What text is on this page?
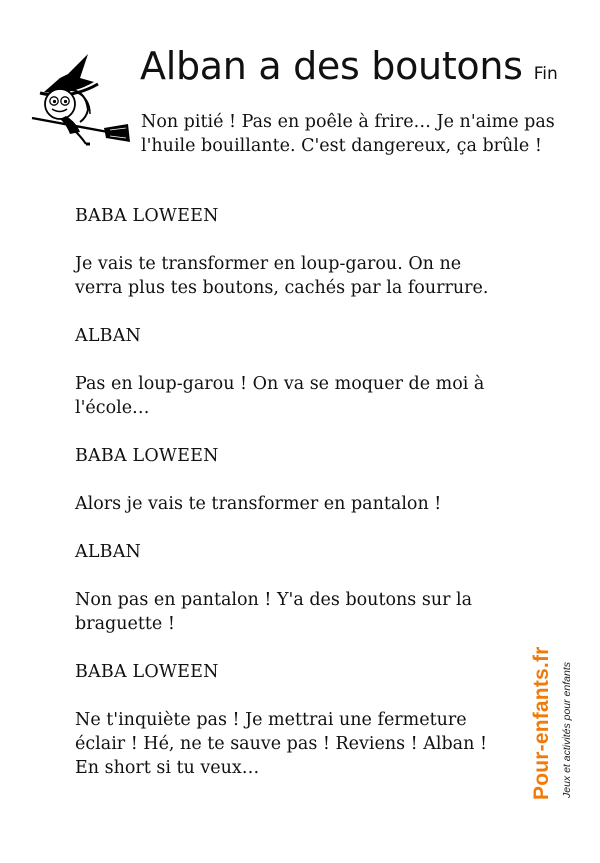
Alban a des boutons Fin

Non pitié ! Pas en poêle à frire… Je n'aime pas l'huile bouillante. C'est dangereux, ça brûle !

BABA LOWEEN

Je vais te transformer en loup-garou. On ne verra plus tes boutons, cachés par la fourrure.

ALBAN

Pas en loup-garou ! On va se moquer de moi à l'école…

BABA LOWEEN

Alors je vais te transformer en pantalon !

ALBAN

Non pas en pantalon ! Y'a des boutons sur la braguette !

BABA LOWEEN

Ne t'inquiète pas ! Je mettrai une fermeture éclair ! Hé, ne te sauve pas ! Reviens ! Alban ! En short si tu veux…	Pour-enfants.fr Jeux et activités pour enfants
